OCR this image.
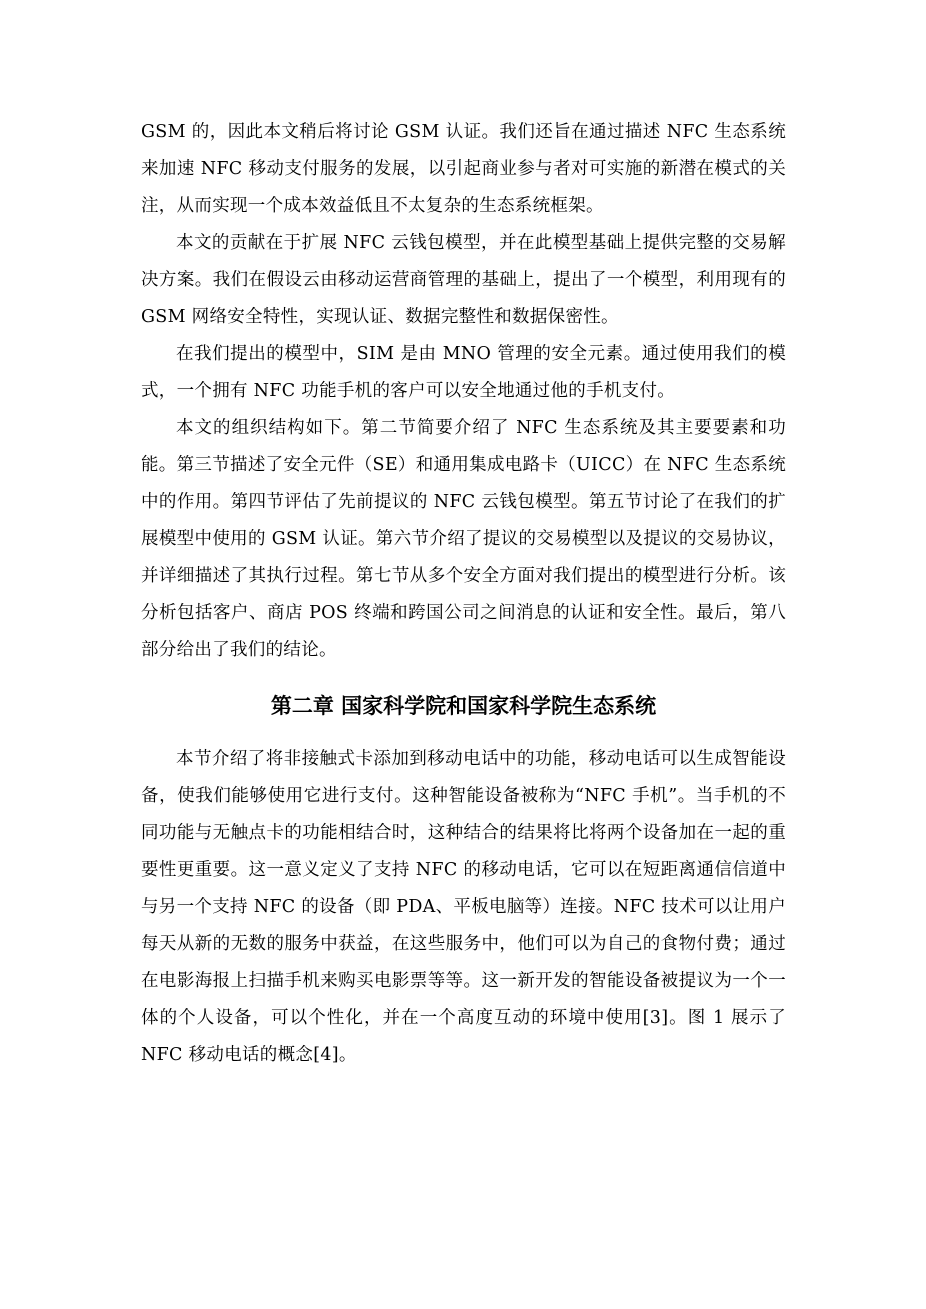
GSM 的，因此本文稍后将讨论 GSM 认证。我们还旨在通过描述 NFC 生态系统来加速 NFC 移动支付服务的发展，以引起商业参与者对可实施的新潜在模式的关注，从而实现一个成本效益低且不太复杂的生态系统框架。

本文的贡献在于扩展 NFC 云钱包模型，并在此模型基础上提供完整的交易解决方案。我们在假设云由移动运营商管理的基础上，提出了一个模型，利用现有的 GSM 网络安全特性，实现认证、数据完整性和数据保密性。

在我们提出的模型中，SIM 是由 MNO 管理的安全元素。通过使用我们的模式，一个拥有 NFC 功能手机的客户可以安全地通过他的手机支付。

本文的组织结构如下。第二节简要介绍了 NFC 生态系统及其主要要素和功能。第三节描述了安全元件（SE）和通用集成电路卡（UICC）在 NFC 生态系统中的作用。第四节评估了先前提议的 NFC 云钱包模型。第五节讨论了在我们的扩展模型中使用的 GSM 认证。第六节介绍了提议的交易模型以及提议的交易协议，并详细描述了其执行过程。第七节从多个安全方面对我们提出的模型进行分析。该分析包括客户、商店 POS 终端和跨国公司之间消息的认证和安全性。最后，第八部分给出了我们的结论。

第二章 国家科学院和国家科学院生态系统

本节介绍了将非接触式卡添加到移动电话中的功能，移动电话可以生成智能设备，使我们能够使用它进行支付。这种智能设备被称为“NFC 手机”。当手机的不同功能与无触点卡的功能相结合时，这种结合的结果将比将两个设备加在一起的重要性更重要。这一意义定义了支持 NFC 的移动电话，它可以在短距离通信信道中与另一个支持 NFC 的设备（即 PDA、平板电脑等）连接。NFC 技术可以让用户每天从新的无数的服务中获益，在这些服务中，他们可以为自己的食物付费；通过在电影海报上扫描手机来购买电影票等等。这一新开发的智能设备被提议为一个一体的个人设备，可以个性化，并在一个高度互动的环境中使用[3]。图 1 展示了 NFC 移动电话的概念[4]。
